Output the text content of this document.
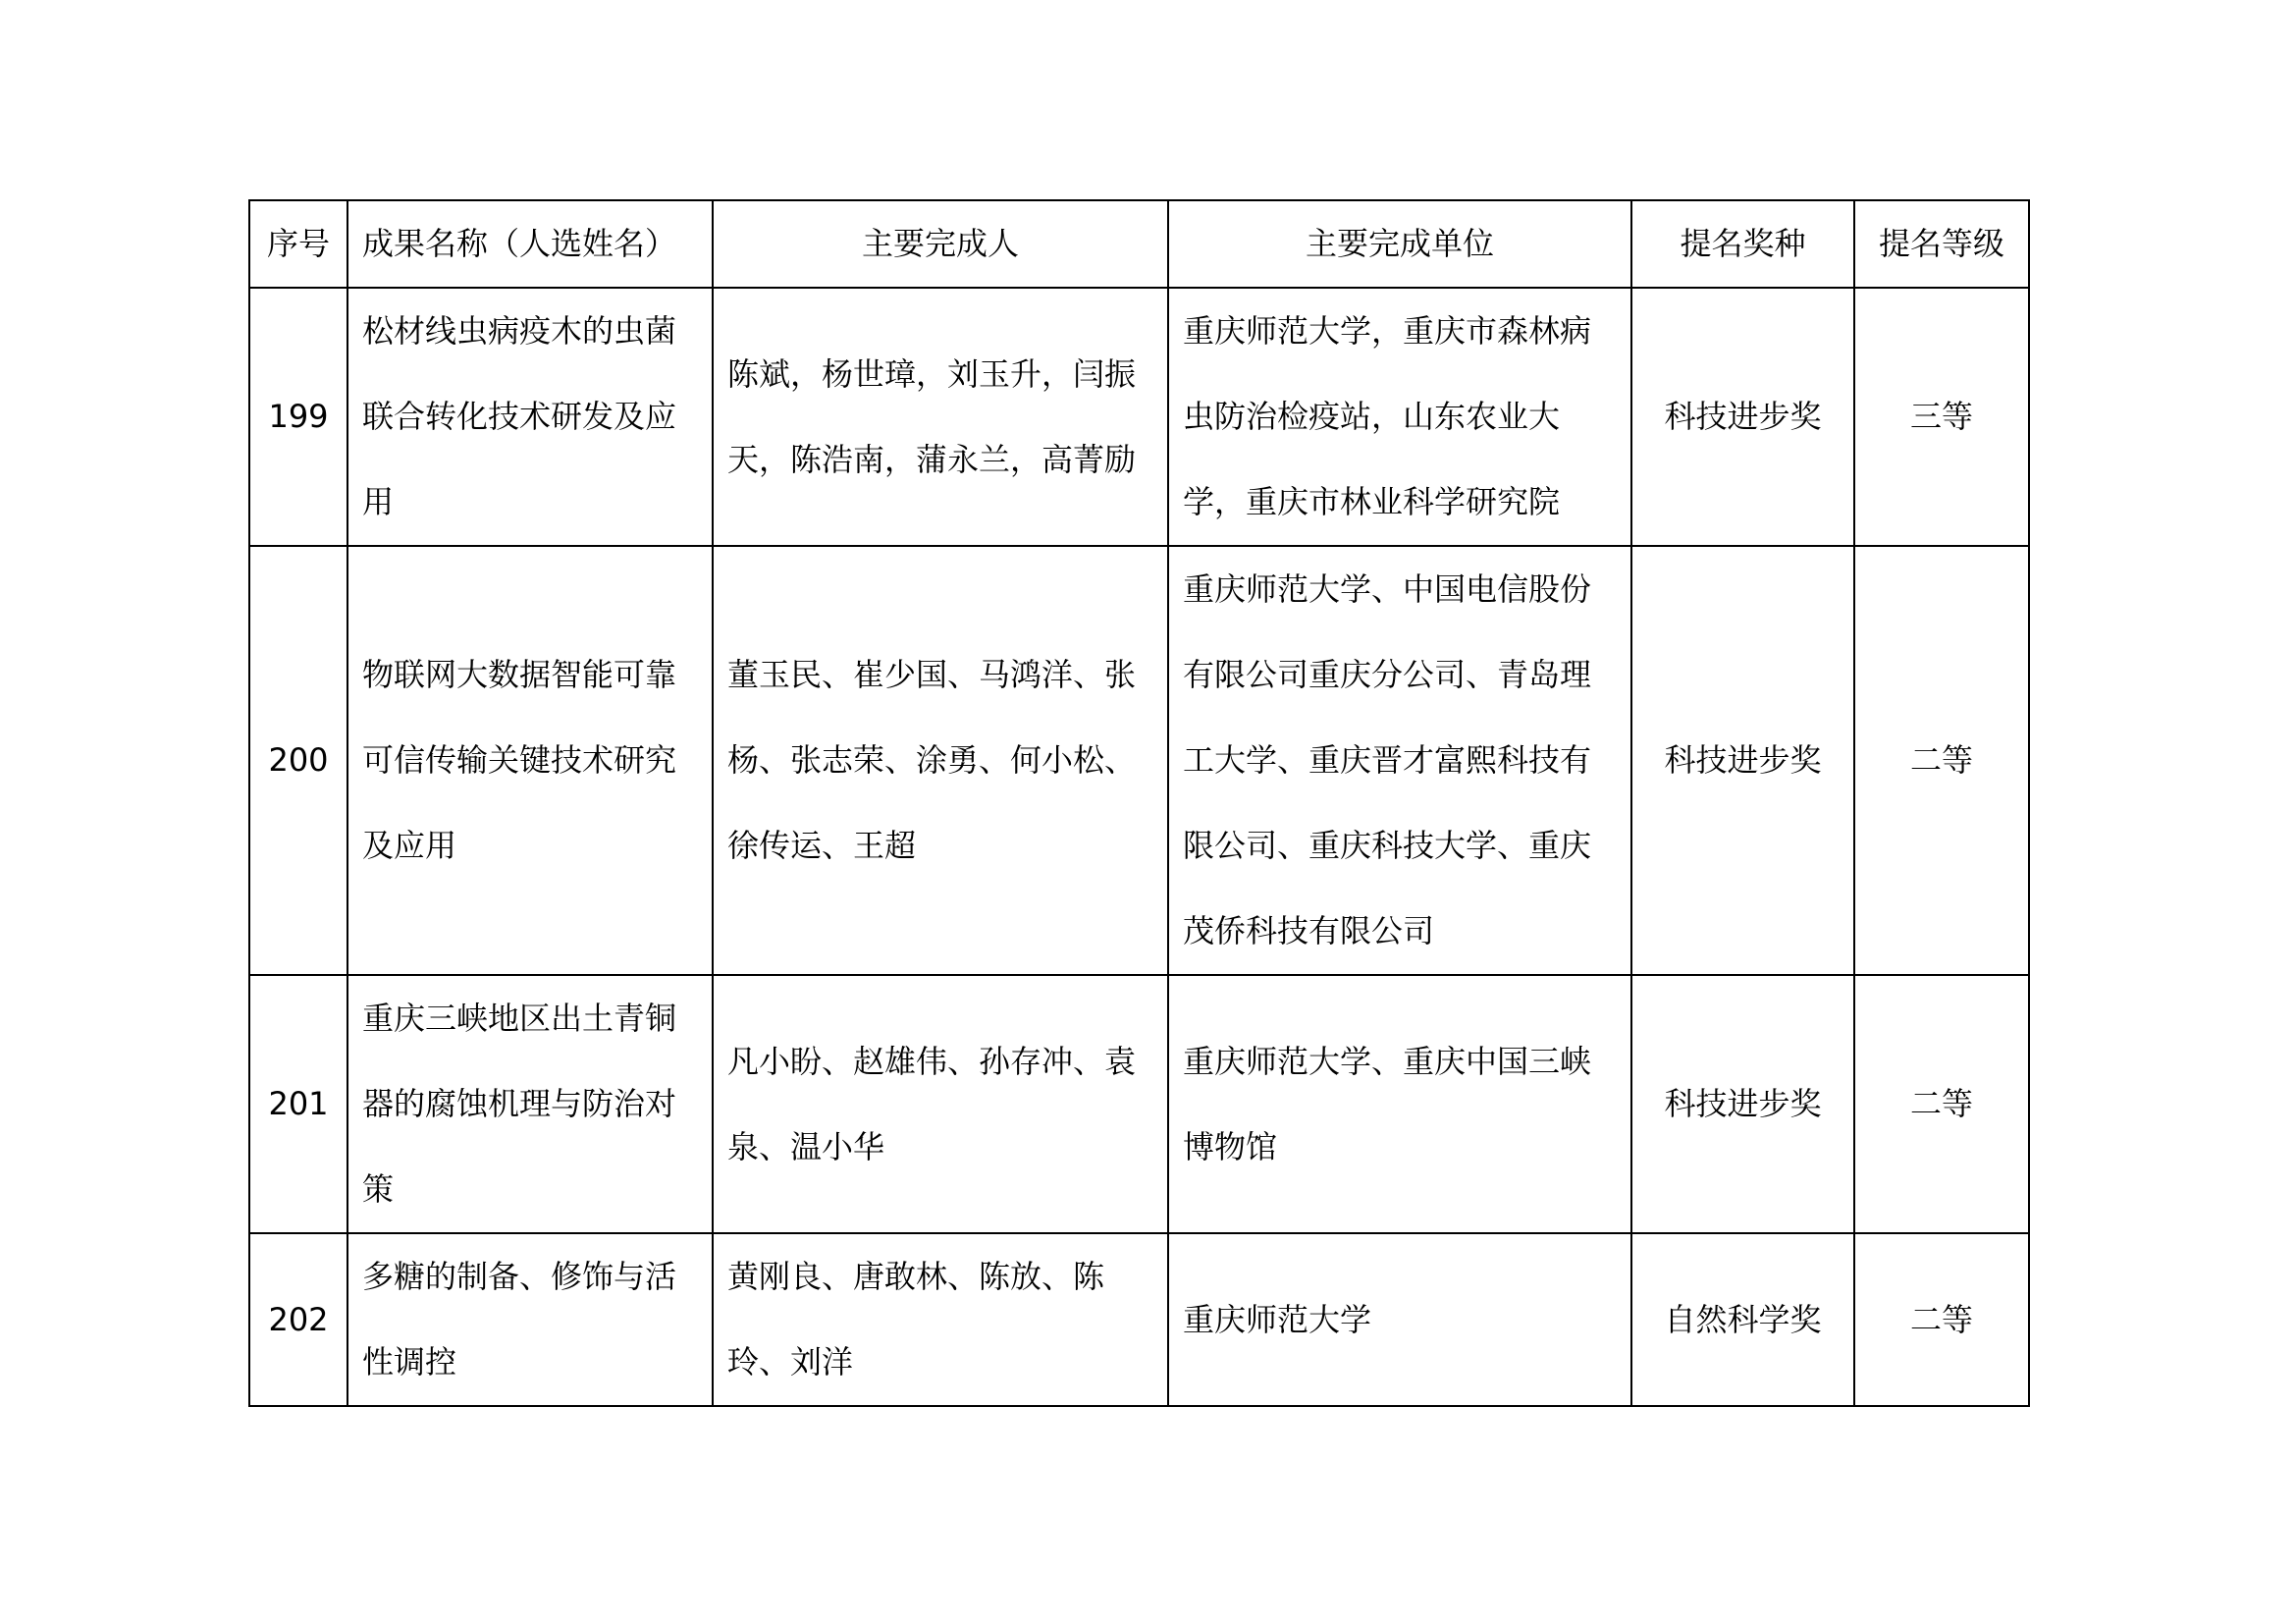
序号	成果名称（人选姓名）	主要完成人	主要完成单位	提名奖种	提名等级
199	松材线虫病疫木的虫菌联合转化技术研发及应用	陈斌，杨世璋，刘玉升，闫振天，陈浩南，蒲永兰，高菁励	重庆师范大学，重庆市森林病虫防治检疫站，山东农业大学，重庆市林业科学研究院	科技进步奖	三等
200	物联网大数据智能可靠可信传输关键技术研究及应用	董玉民、崔少国、马鸿洋、张杨、张志荣、涂勇、何小松、徐传运、王超	重庆师范大学、中国电信股份有限公司重庆分公司、青岛理工大学、重庆晋才富熙科技有限公司、重庆科技大学、重庆茂侨科技有限公司	科技进步奖	二等
201	重庆三峡地区出土青铜器的腐蚀机理与防治对策	凡小盼、赵雄伟、孙存冲、袁泉、温小华	重庆师范大学、重庆中国三峡博物馆	科技进步奖	二等
202	多糖的制备、修饰与活性调控	黄刚良、唐敢林、陈放、陈玲、刘洋	重庆师范大学	自然科学奖	二等
